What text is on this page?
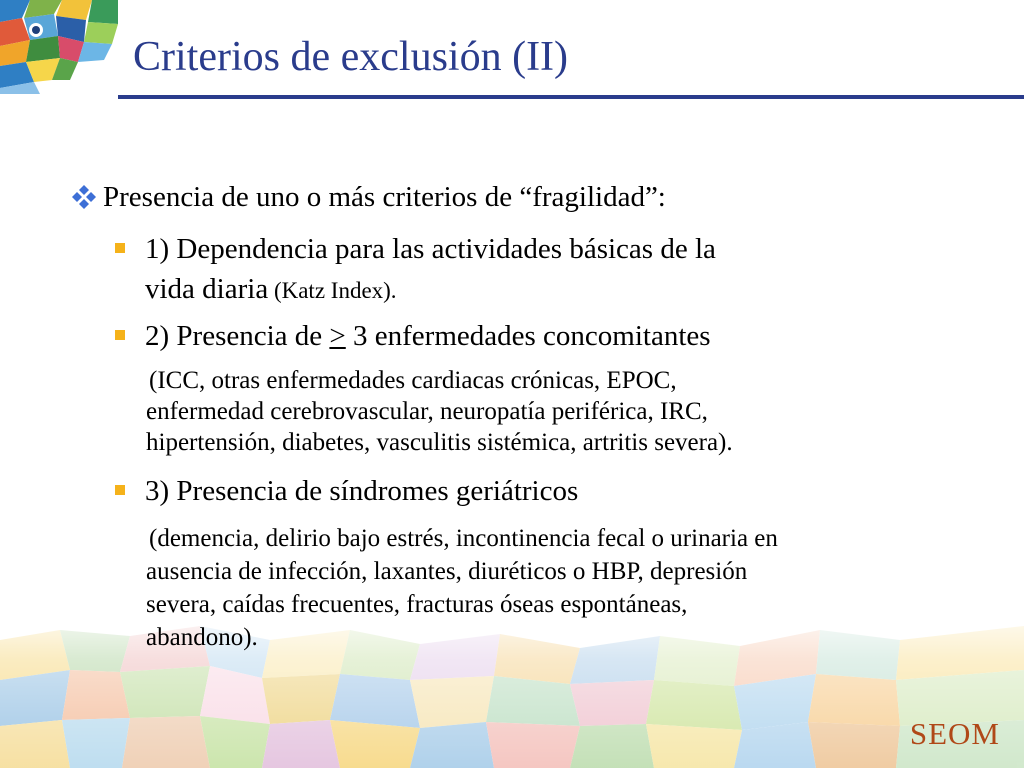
Criterios de exclusión (II)
SEOM
Presencia de uno o más criterios de “fragilidad”:
1) Dependencia para las actividades básicas de la
vida diaria (Katz Index).
2) Presencia de > 3 enfermedades concomitantes
(ICC, otras enfermedades cardiacas crónicas, EPOC,
enfermedad cerebrovascular, neuropatía periférica, IRC,
hipertensión, diabetes, vasculitis sistémica, artritis severa).
3) Presencia de síndromes geriátricos
(demencia, delirio bajo estrés, incontinencia fecal o urinaria en
ausencia de infección, laxantes, diuréticos o HBP, depresión
severa, caídas frecuentes, fracturas óseas espontáneas,
abandono).
